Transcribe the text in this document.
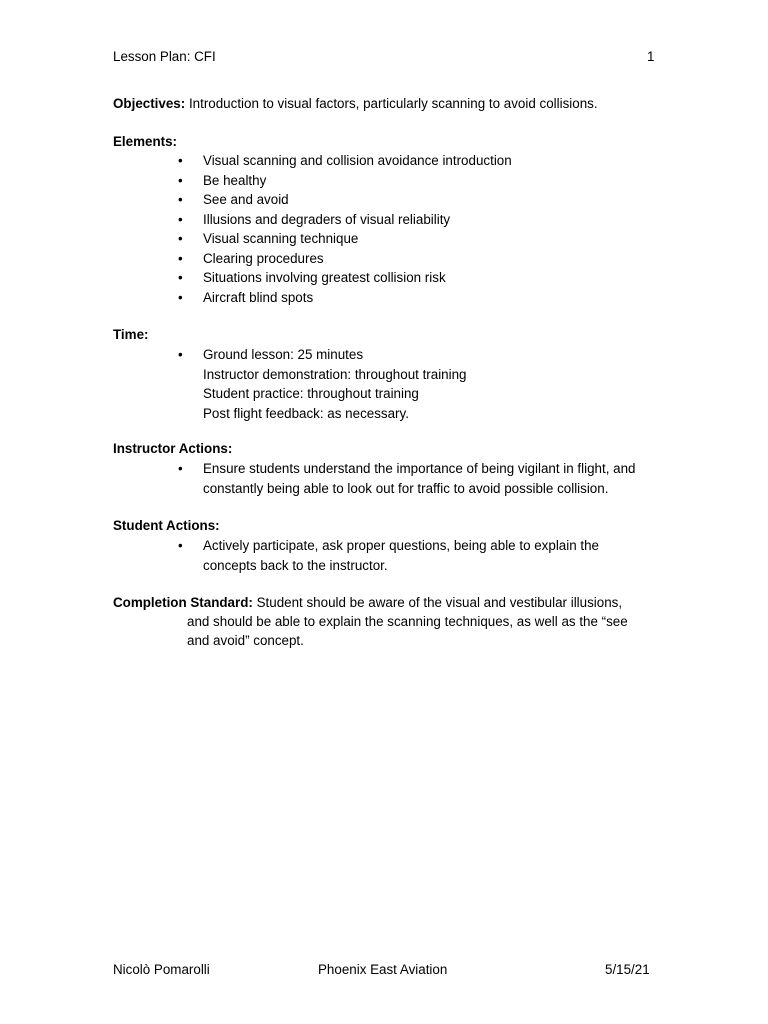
Lesson Plan: CFI	1
Objectives: Introduction to visual factors, particularly scanning to avoid collisions.
Elements:
• Visual scanning and collision avoidance introduction
• Be healthy
• See and avoid
• Illusions and degraders of visual reliability
• Visual scanning technique
• Clearing procedures
• Situations involving greatest collision risk
• Aircraft blind spots
Time:
• Ground lesson: 25 minutes
Instructor demonstration: throughout training
Student practice: throughout training
Post flight feedback: as necessary.
Instructor Actions:
• Ensure students understand the importance of being vigilant in flight, and
constantly being able to look out for traffic to avoid possible collision.
Student Actions:
• Actively participate, ask proper questions, being able to explain the
concepts back to the instructor.
Completion Standard: Student should be aware of the visual and vestibular illusions,
and should be able to explain the scanning techniques, as well as the “see
and avoid” concept.
Nicolò Pomarolli	Phoenix East Aviation	5/15/21
